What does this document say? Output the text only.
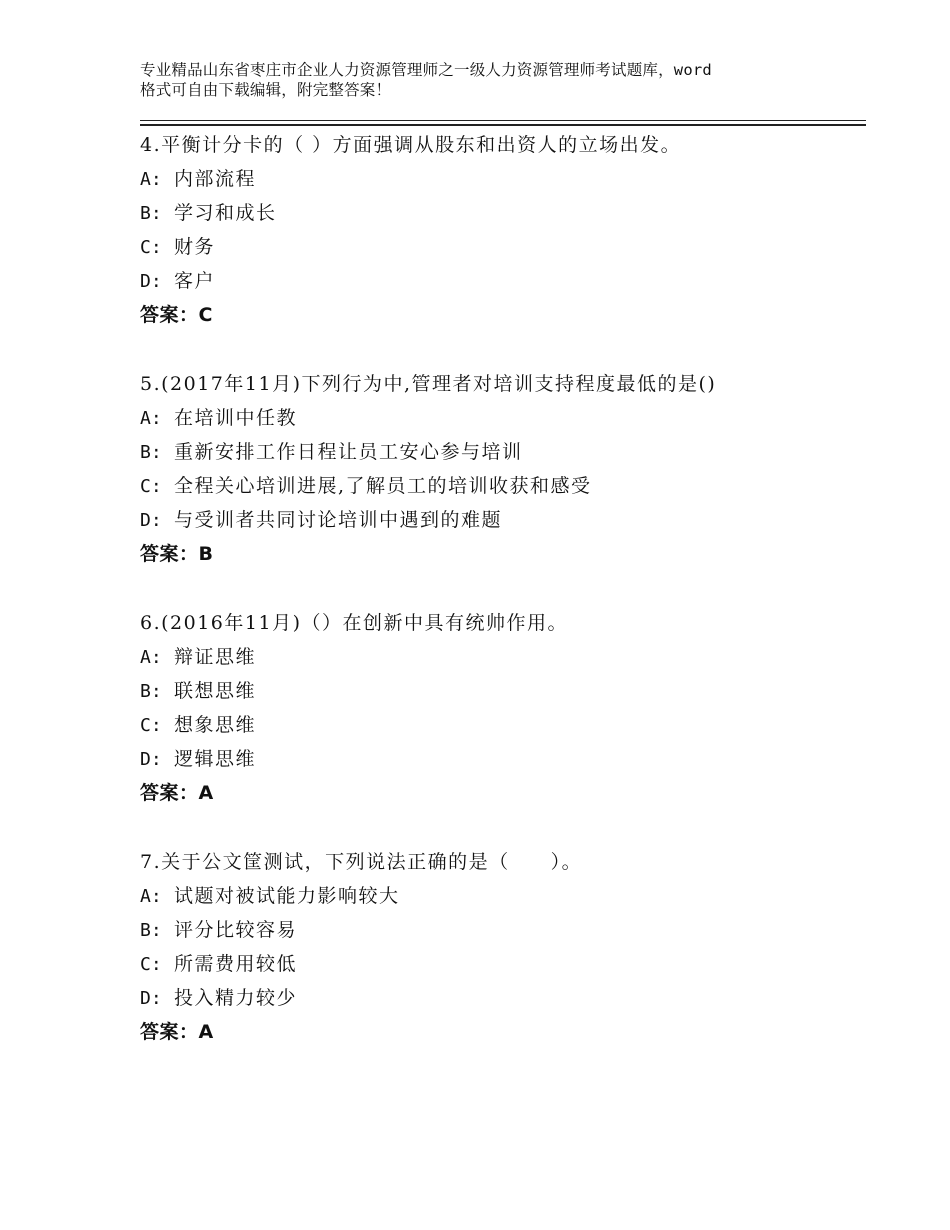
专业精品山东省枣庄市企业人力资源管理师之一级人力资源管理师考试题库，word
格式可自由下载编辑，附完整答案！
4.平衡计分卡的（ ）方面强调从股东和出资人的立场出发。
A: 内部流程
B: 学习和成长
C: 财务
D: 客户
答案：C
5.(2017年11月)下列行为中,管理者对培训支持程度最低的是()
A: 在培训中任教
B: 重新安排工作日程让员工安心参与培训
C: 全程关心培训进展,了解员工的培训收获和感受
D: 与受训者共同讨论培训中遇到的难题
答案：B
6.(2016年11月)（）在创新中具有统帅作用。
A: 辩证思维
B: 联想思维
C: 想象思维
D: 逻辑思维
答案：A
7.关于公文筐测试，下列说法正确的是（　　）。
A: 试题对被试能力影响较大
B: 评分比较容易
C: 所需费用较低
D: 投入精力较少
答案：A
